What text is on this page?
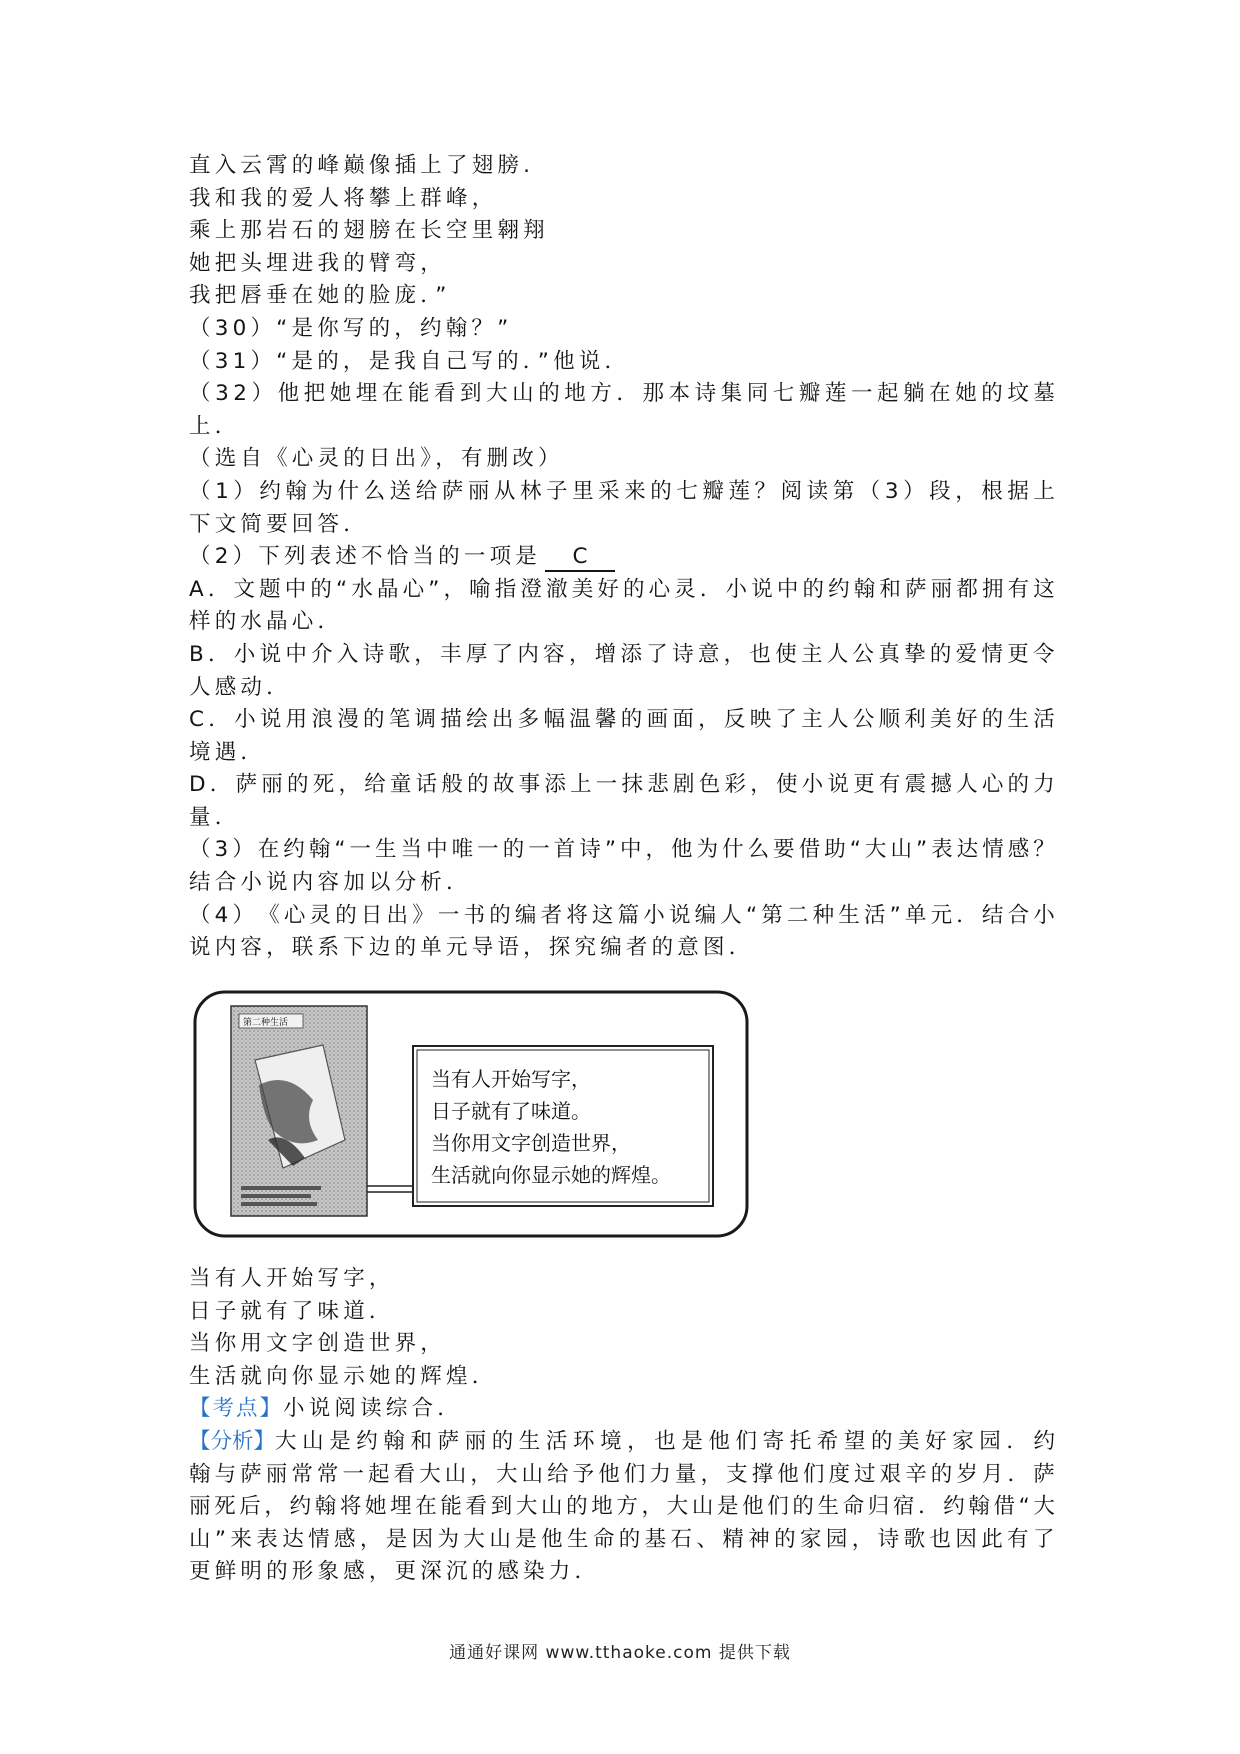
直入云霄的峰巅像插上了翅膀.
我和我的爱人将攀上群峰，
乘上那岩石的翅膀在长空里翱翔
她把头埋进我的臂弯，
我把唇垂在她的脸庞．”
（30）“是你写的，约翰？”
（31）“是的，是我自己写的．”他说．
（ 3 2 ） 他 把 她 埋 在 能 看 到 大 山 的 地 方 ． 那 本 诗 集 同 七 瓣 莲 一 起 躺 在 她 的 坟 墓
上．
（选自《心灵的日出》，有删改）
（ 1 ） 约 翰 为 什 么 送 给 萨 丽 从 林 子 里 采 来 的 七 瓣 莲 ？ 阅 读 第 （ 3 ） 段 ， 根 据 上
下文简要回答．
（2）下列表述不恰当的一项是 C
A ． 文 题 中 的 “ 水 晶 心 ” ， 喻 指 澄 澈 美 好 的 心 灵 ． 小 说 中 的 约 翰 和 萨 丽 都 拥 有 这
样的水晶心．
B ． 小 说 中 介 入 诗 歌 ， 丰 厚 了 内 容 ， 增 添 了 诗 意 ， 也 使 主 人 公 真 挚 的 爱 情 更 令
人感动．
C ． 小 说 用 浪 漫 的 笔 调 描 绘 出 多 幅 温 馨 的 画 面 ， 反 映 了 主 人 公 顺 利 美 好 的 生 活
境遇．
D ． 萨 丽 的 死 ， 给 童 话 般 的 故 事 添 上 一 抹 悲 剧 色 彩 ， 使 小 说 更 有 震 撼 人 心 的 力
量．
（ 3 ） 在 约 翰 “ 一 生 当 中 唯 一 的 一 首 诗 ” 中 ， 他 为 什 么 要 借 助 “ 大 山 ” 表 达 情 感 ？
结合小说内容加以分析．
（ 4 ） 《 心 灵 的 日 出 》 一 书 的 编 者 将 这 篇 小 说 编 人 “ 第 二 种 生 活 ” 单 元 ． 结 合 小
说内容，联系下边的单元导语，探究编者的意图．
第二种生活
当有人开始写字，
日子就有了味道。
当你用文字创造世界，
生活就向你显示她的辉煌。
当有人开始写字，
日子就有了味道．
当你用文字创造世界，
生活就向你显示她的辉煌．
【考点】小说阅读综合．
【分析】 大山是约翰和萨丽的生活环境，也是他们寄托希望的美好家园．约
翰 与 萨 丽 常 常 一 起 看 大 山 ， 大 山 给 予 他 们 力 量 ， 支 撑 他 们 度 过 艰 辛 的 岁 月 ． 萨
丽 死 后 ， 约 翰 将 她 埋 在 能 看 到 大 山 的 地 方 ， 大 山 是 他 们 的 生 命 归 宿 ． 约 翰 借 “ 大
山 ” 来 表 达 情 感 ， 是 因 为 大 山 是 他 生 命 的 基 石 、 精 神 的 家 园 ， 诗 歌 也 因 此 有 了
更鲜明的形象感，更深沉的感染力．
通通好课网 www.tthaoke.com 提供下载
